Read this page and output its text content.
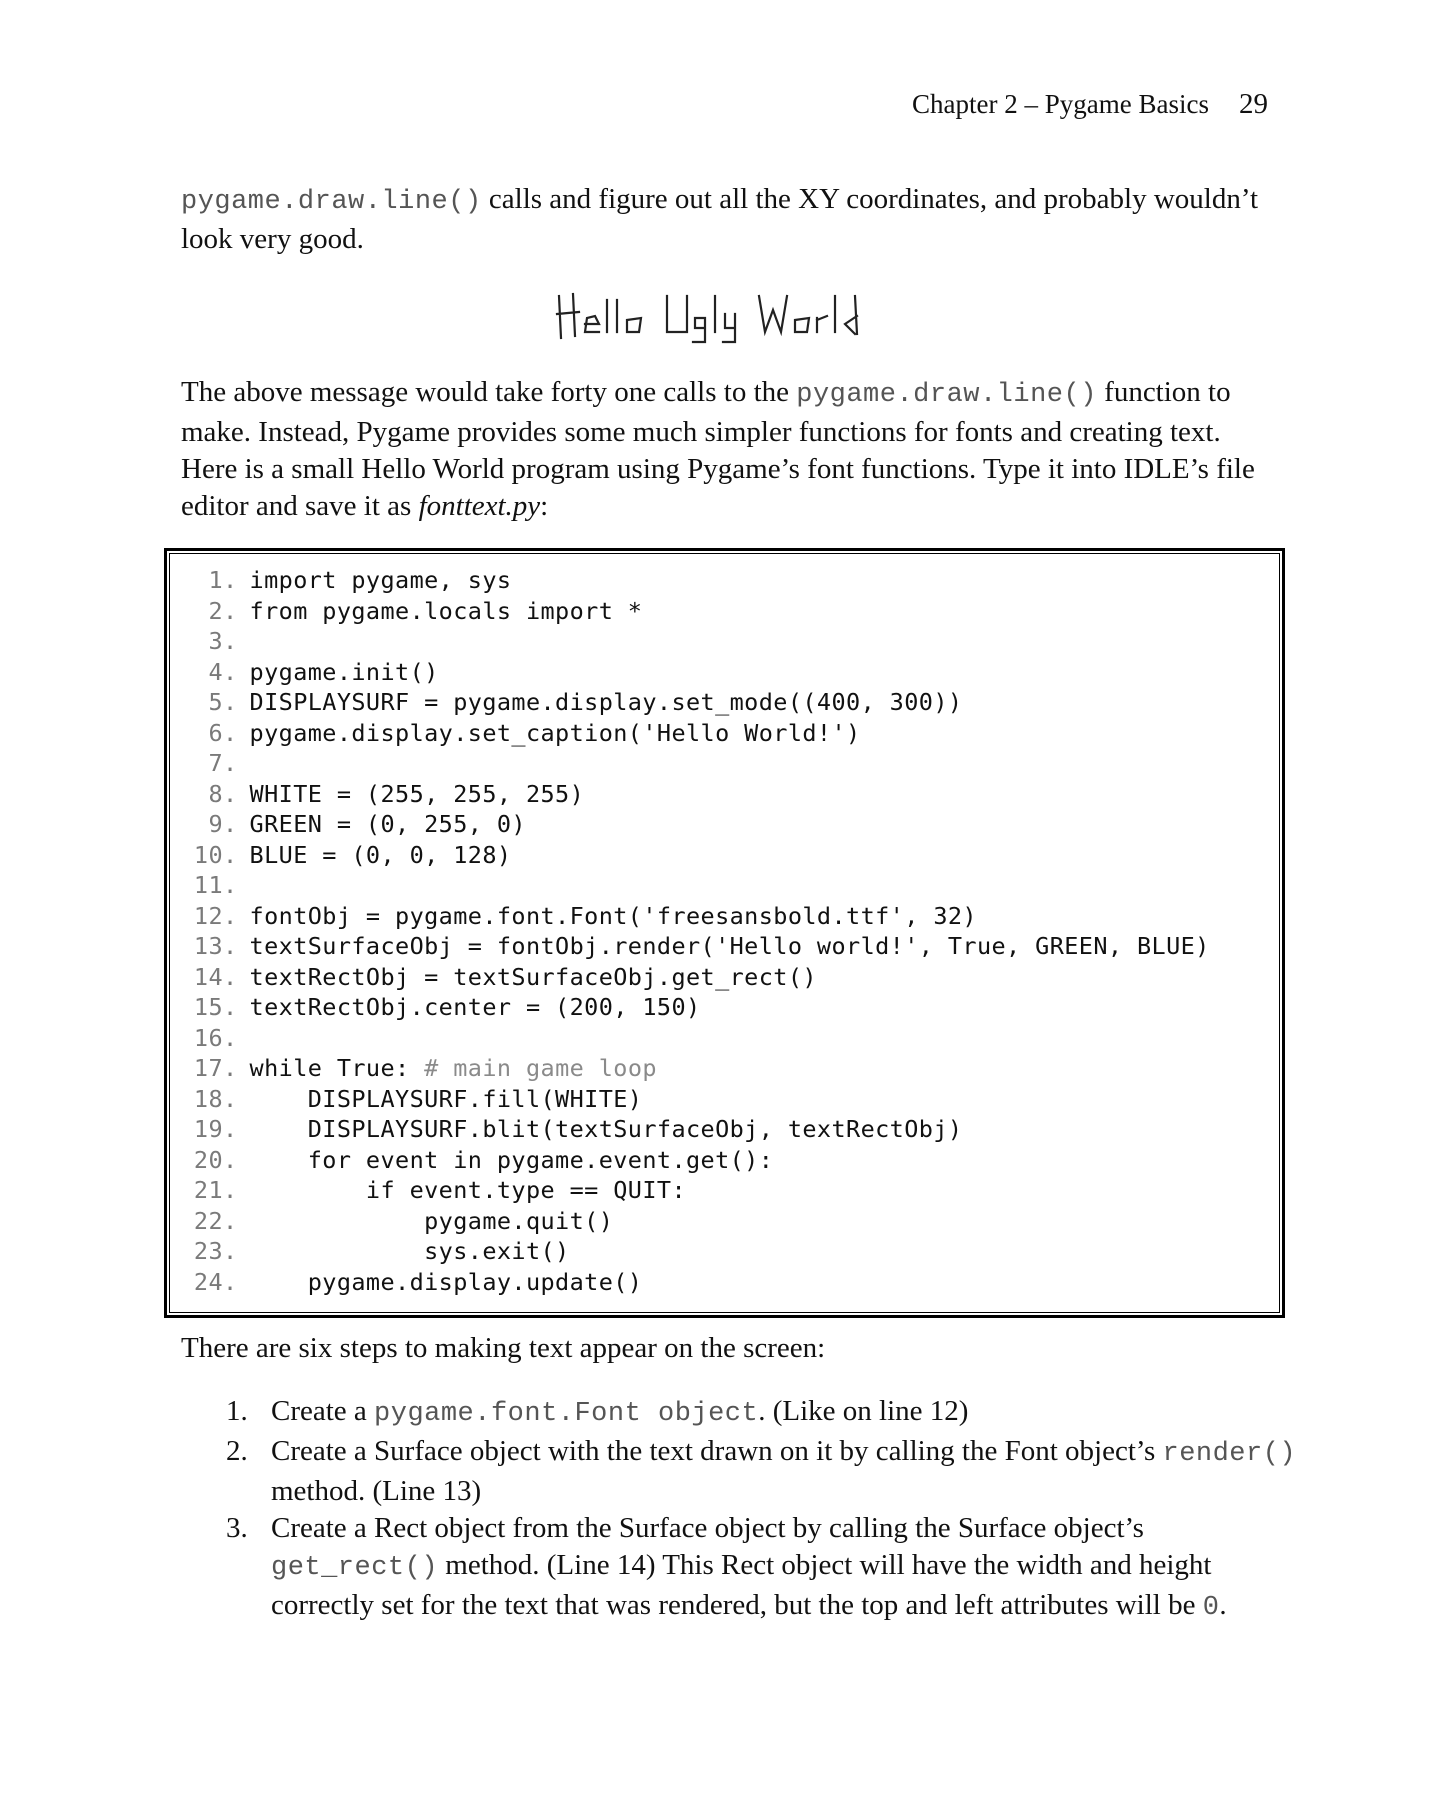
Chapter 2 – Pygame Basics 29
pygame.draw.line() calls and figure out all the XY coordinates, and probably wouldn’t look very good.
The above message would take forty one calls to the pygame.draw.line() function to make. Instead, Pygame provides some much simpler functions for fonts and creating text. Here is a small Hello World program using Pygame’s font functions. Type it into IDLE’s file editor and save it as fonttext.py:
1 .
import pygame, sys
2 .
from pygame.locals import *
3 .

4 .
pygame.init()
5 .
DISPLAYSURF = pygame.display.set_mode((400, 300))
6 .
pygame.display.set_caption('Hello World!')
7 .

8 .
WHITE = (255, 255, 255)
9 .
GREEN = (0, 255, 0)
10 .
BLUE = (0, 0, 128)
11 .

12 .
fontObj = pygame.font.Font('freesansbold.ttf', 32)
13 .
textSurfaceObj = fontObj.render('Hello world!', True, GREEN, BLUE)
14 .
textRectObj = textSurfaceObj.get_rect()
15 .
textRectObj.center = (200, 150)
16 .

17 .
while True: # main game loop
18 .
DISPLAYSURF.fill(WHITE)
19 .
DISPLAYSURF.blit(textSurfaceObj, textRectObj)
20 .
for event in pygame.event.get():
21 .
if event.type == QUIT:
22 .
pygame.quit()
23 .
sys.exit()
24 .
pygame.display.update()
There are six steps to making text appear on the screen:
1. Create a pygame.font.Font object. (Like on line 12)
2. Create a Surface object with the text drawn on it by calling the Font object’s render() method. (Line 13)
3. Create a Rect object from the Surface object by calling the Surface object’s get_rect() method. (Line 14) This Rect object will have the width and height correctly set for the text that was rendered, but the top and left attributes will be 0.
